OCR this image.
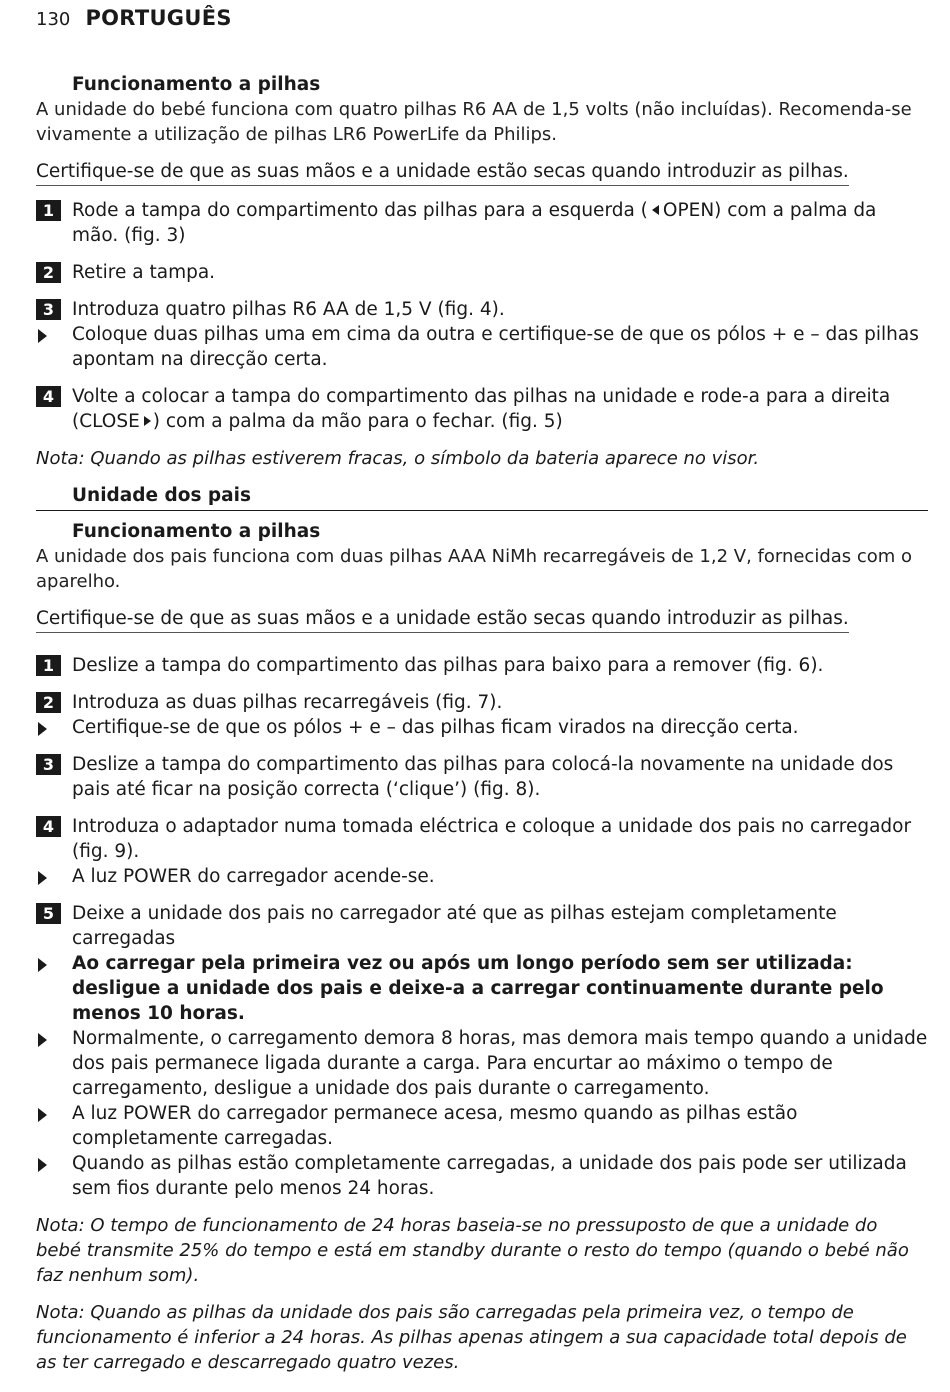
130 PORTUGUÊS
Funcionamento a pilhas

A unidade do bebé funciona com quatro pilhas R6 AA de 1,5 volts (não incluídas). Recomenda-se vivamente a utilização de pilhas LR6 PowerLife da Philips.

Certifique-se de que as suas mãos e a unidade estão secas quando introduzir as pilhas.
1 Rode a tampa do compartimento das pilhas para a esquerda ( OPEN) com a palma da mão. (fig. 3)
2 Retire a tampa.
3 Introduza quatro pilhas R6 AA de 1,5 V (fig. 4).
Coloque duas pilhas uma em cima da outra e certifique-se de que os pólos + e – das pilhas apontam na direcção certa.
4 Volte a colocar a tampa do compartimento das pilhas na unidade e rode-a para a direita (CLOSE ) com a palma da mão para o fechar. (fig. 5)

Nota: Quando as pilhas estiverem fracas, o símbolo da bateria aparece no visor.

Unidade dos pais
Funcionamento a pilhas

A unidade dos pais funciona com duas pilhas AAA NiMh recarregáveis de 1,2 V, fornecidas com o aparelho.

Certifique-se de que as suas mãos e a unidade estão secas quando introduzir as pilhas.
1 Deslize a tampa do compartimento das pilhas para baixo para a remover (fig. 6).
2 Introduza as duas pilhas recarregáveis (fig. 7).
Certifique-se de que os pólos + e – das pilhas ficam virados na direcção certa.
3 Deslize a tampa do compartimento das pilhas para colocá-la novamente na unidade dos pais até ficar na posição correcta (‘clique’) (fig. 8).
4 Introduza o adaptador numa tomada eléctrica e coloque a unidade dos pais no carregador (fig. 9).
A luz POWER do carregador acende-se.
5 Deixe a unidade dos pais no carregador até que as pilhas estejam completamente carregadas
Ao carregar pela primeira vez ou após um longo período sem ser utilizada: desligue a unidade dos pais e deixe-a a carregar continuamente durante pelo menos 10 horas.
Normalmente, o carregamento demora 8 horas, mas demora mais tempo quando a unidade dos pais permanece ligada durante a carga. Para encurtar ao máximo o tempo de carregamento, desligue a unidade dos pais durante o carregamento.
A luz POWER do carregador permanece acesa, mesmo quando as pilhas estão completamente carregadas.
Quando as pilhas estão completamente carregadas, a unidade dos pais pode ser utilizada sem fios durante pelo menos 24 horas.

Nota: O tempo de funcionamento de 24 horas baseia-se no pressuposto de que a unidade do bebé transmite 25% do tempo e está em standby durante o resto do tempo (quando o bebé não faz nenhum som).

Nota: Quando as pilhas da unidade dos pais são carregadas pela primeira vez, o tempo de funcionamento é inferior a 24 horas. As pilhas apenas atingem a sua capacidade total depois de as ter carregado e descarregado quatro vezes.
